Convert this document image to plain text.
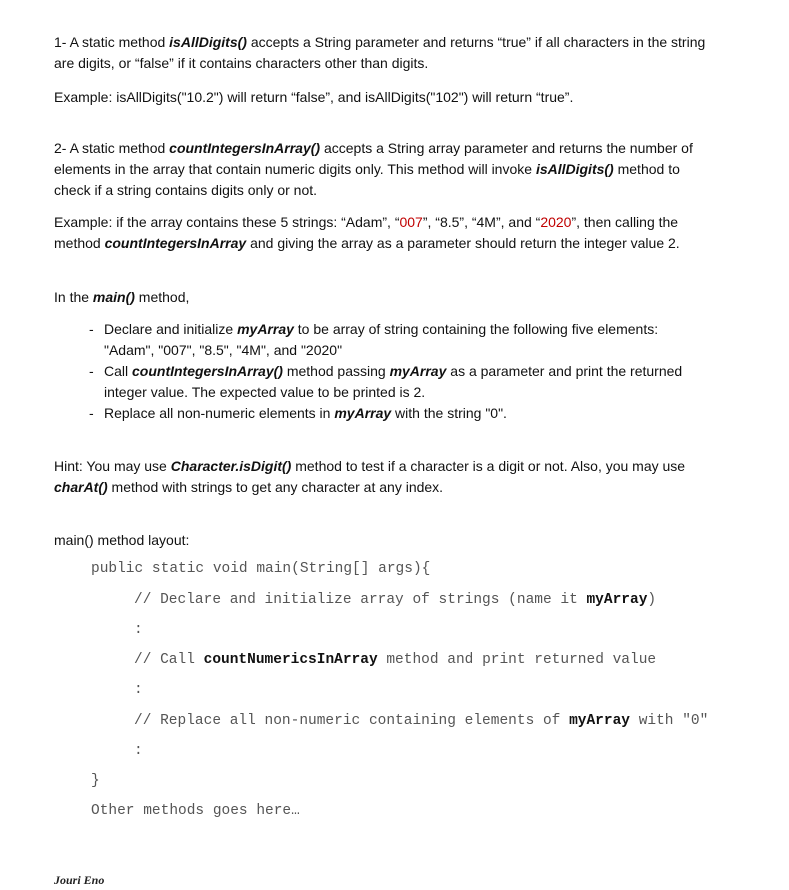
1- A static method isAllDigits() accepts a String parameter and returns “true” if all characters in the string
are digits, or “false” if it contains characters other than digits.
Example: isAllDigits("10.2") will return “false”, and isAllDigits("102") will return “true”.
2- A static method countIntegersInArray() accepts a String array parameter and returns the number of
elements in the array that contain numeric digits only. This method will invoke isAllDigits() method to
check if a string contains digits only or not.
Example: if the array contains these 5 strings: “Adam”, “007”, “8.5”, “4M”, and “2020”, then calling the
method countIntegersInArray and giving the array as a parameter should return the integer value 2.
In the main() method,
- Declare and initialize myArray to be array of string containing the following five elements:
"Adam", "007", "8.5", "4M", and "2020"
- Call countIntegersInArray() method passing myArray as a parameter and print the returned
integer value. The expected value to be printed is 2.
- Replace all non-numeric elements in myArray with the string "0".
Hint: You may use Character.isDigit() method to test if a character is a digit or not. Also, you may use
charAt() method with strings to get any character at any index.
main() method layout:
public static void main(String[] args){
// Declare and initialize array of strings (name it myArray)
:
// Call countNumericsInArray method and print returned value
:
// Replace all non-numeric containing elements of myArray with "0"
:
}
Other methods goes here…
Jouri Eno
